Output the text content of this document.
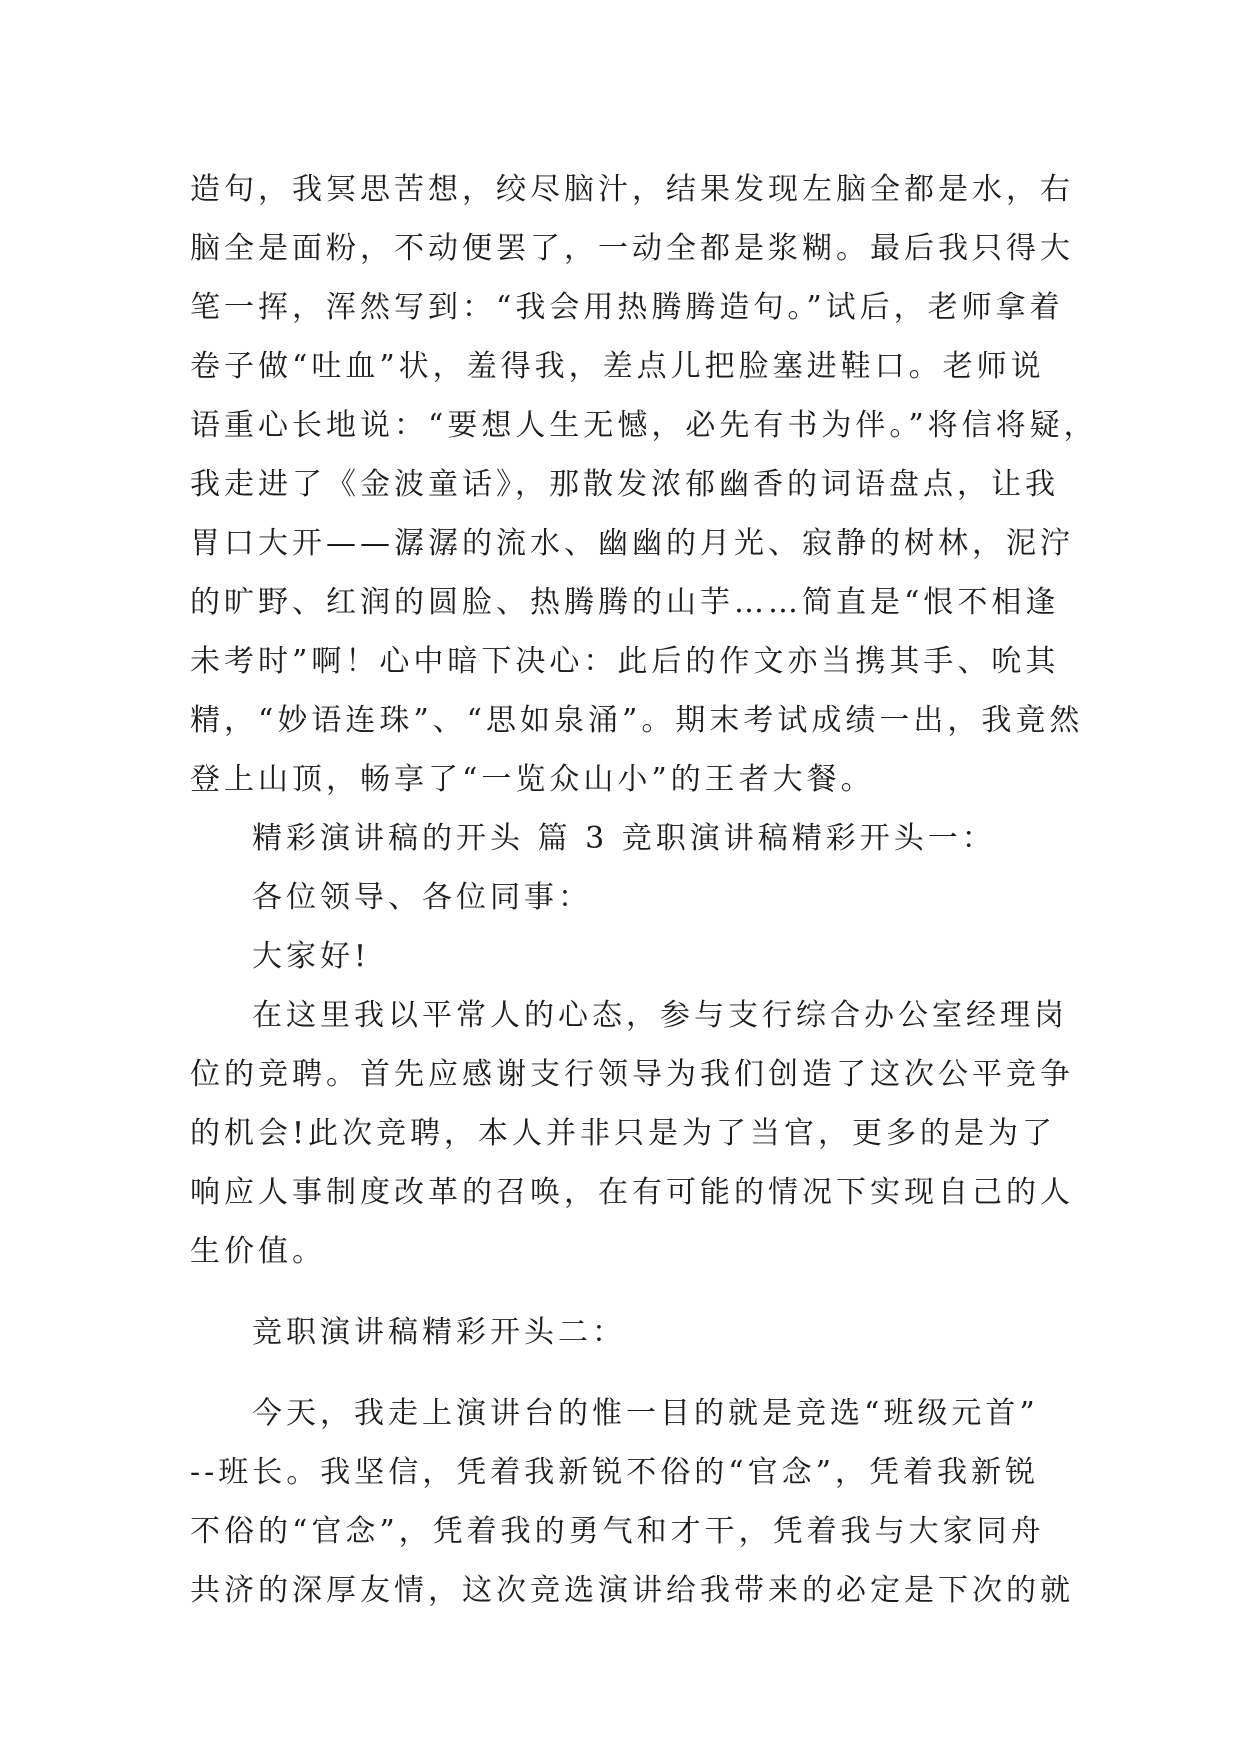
造句，我冥思苦想，绞尽脑汁，结果发现左脑全都是水，右
脑全是面粉，不动便罢了，一动全都是浆糊。最后我只得大
笔一挥，浑然写到：“我会用热腾腾造句。”试后，老师拿着
卷子做“吐血”状，羞得我，差点儿把脸塞进鞋口。老师说
语重心长地说：“要想人生无憾，必先有书为伴。”将信将疑，
我走进了《金波童话》，那散发浓郁幽香的词语盘点，让我
胃口大开——潺潺的流水、幽幽的月光、寂静的树林，泥泞
的旷野、红润的圆脸、热腾腾的山芋……简直是“恨不相逢
未考时”啊！心中暗下决心：此后的作文亦当携其手、吮其
精，“妙语连珠”、“思如泉涌”。期末考试成绩一出，我竟然
登上山顶，畅享了“一览众山小”的王者大餐。
精彩演讲稿的开头 篇 3 竞职演讲稿精彩开头一：
各位领导、各位同事：
大家好!
在这里我以平常人的心态，参与支行综合办公室经理岗
位的竞聘。首先应感谢支行领导为我们创造了这次公平竞争
的机会!此次竞聘，本人并非只是为了当官，更多的是为了
响应人事制度改革的召唤，在有可能的情况下实现自己的人
生价值。
竞职演讲稿精彩开头二：
今天，我走上演讲台的惟一目的就是竞选“班级元首”
--班长。我坚信，凭着我新锐不俗的“官念”，凭着我新锐
不俗的“官念”，凭着我的勇气和才干，凭着我与大家同舟
共济的深厚友情，这次竞选演讲给我带来的必定是下次的就
